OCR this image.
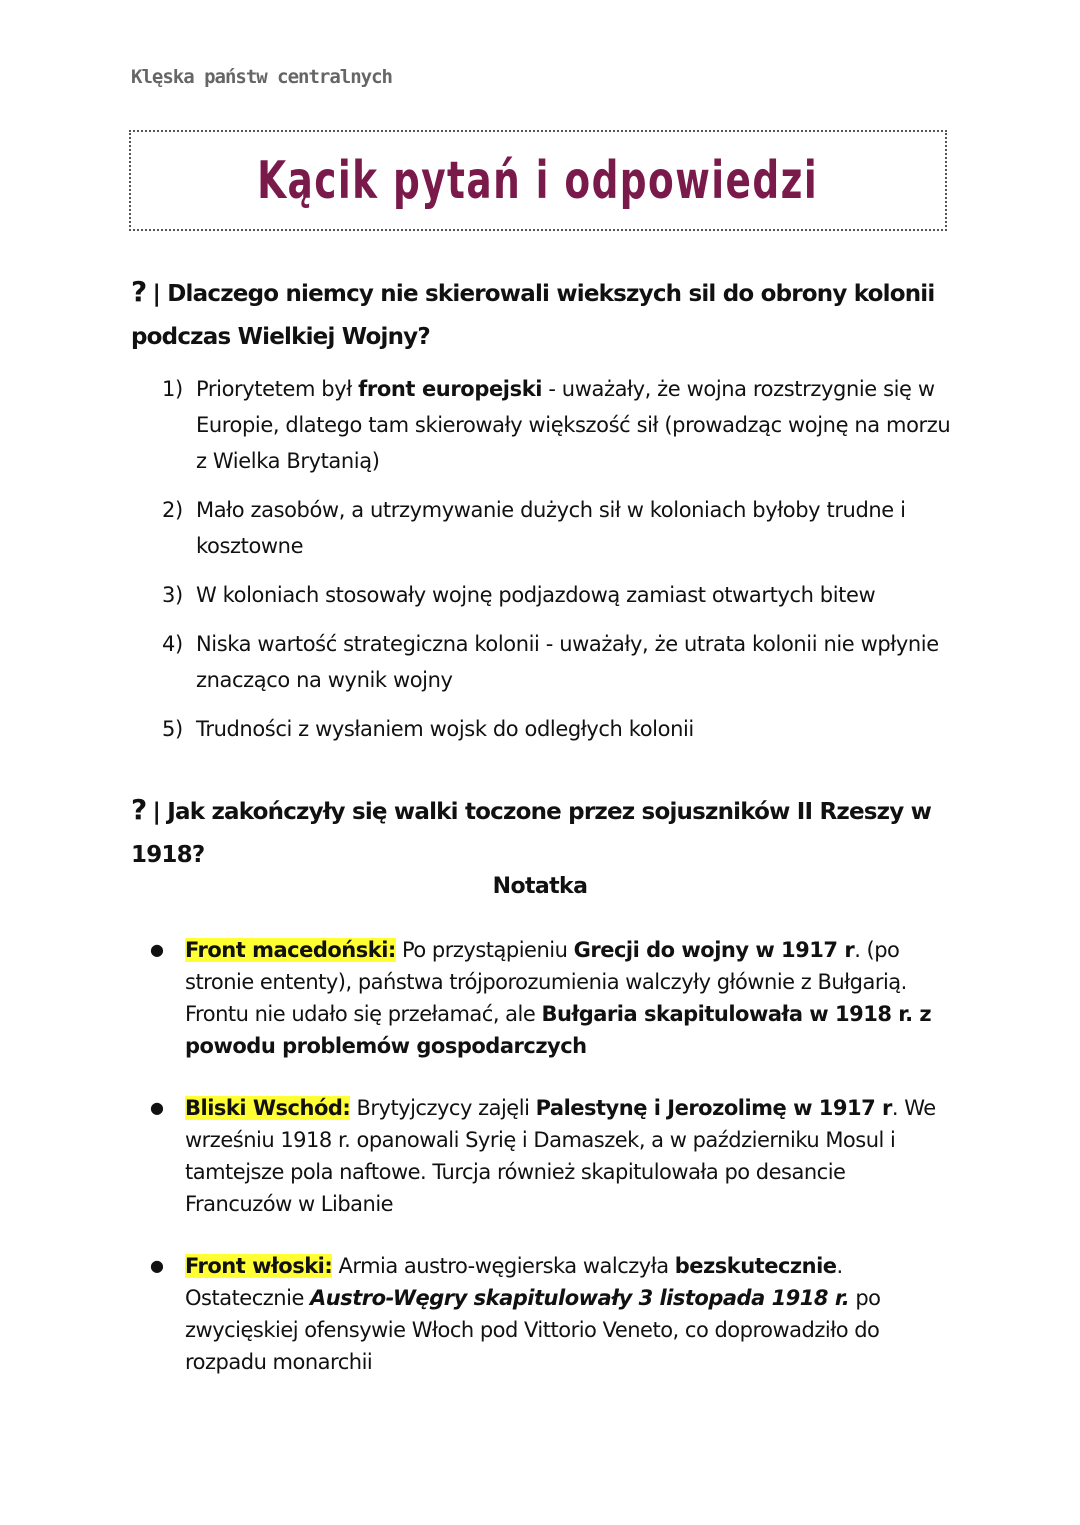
Klęska państw centralnych
Kącik pytań i odpowiedzi
? | Dlaczego niemcy nie skierowali wiekszych sil do obrony kolonii podczas Wielkiej Wojny?
1) Priorytetem był front europejski - uważały, że wojna rozstrzygnie się w Europie, dlatego tam skierowały większość sił (prowadząc wojnę na morzu z Wielka Brytanią)
2) Mało zasobów, a utrzymywanie dużych sił w koloniach byłoby trudne i kosztowne
3) W koloniach stosowały wojnę podjazdową zamiast otwartych bitew
4) Niska wartość strategiczna kolonii - uważały, że utrata kolonii nie wpłynie znacząco na wynik wojny
5) Trudności z wysłaniem wojsk do odległych kolonii
? | Jak zakończyły się walki toczone przez sojuszników II Rzeszy w 1918?
Notatka
●	Front macedoński: Po przystąpieniu Grecji do wojny w 1917 r. (po stronie ententy), państwa trójporozumienia walczyły głównie z Bułgarią. Frontu nie udało się przełamać, ale Bułgaria skapitulowała w 1918 r. z powodu problemów gospodarczych
●	Bliski Wschód: Brytyjczycy zajęli Palestynę i Jerozolimę w 1917 r. We wrześniu 1918 r. opanowali Syrię i Damaszek, a w październiku Mosul i tamtejsze pola naftowe. Turcja również skapitulowała po desancie Francuzów w Libanie
●	Front włoski: Armia austro-węgierska walczyła bezskutecznie. Ostatecznie Austro-Węgry skapitulowały 3 listopada 1918 r. po zwycięskiej ofensywie Włoch pod Vittorio Veneto, co doprowadziło do rozpadu monarchii
